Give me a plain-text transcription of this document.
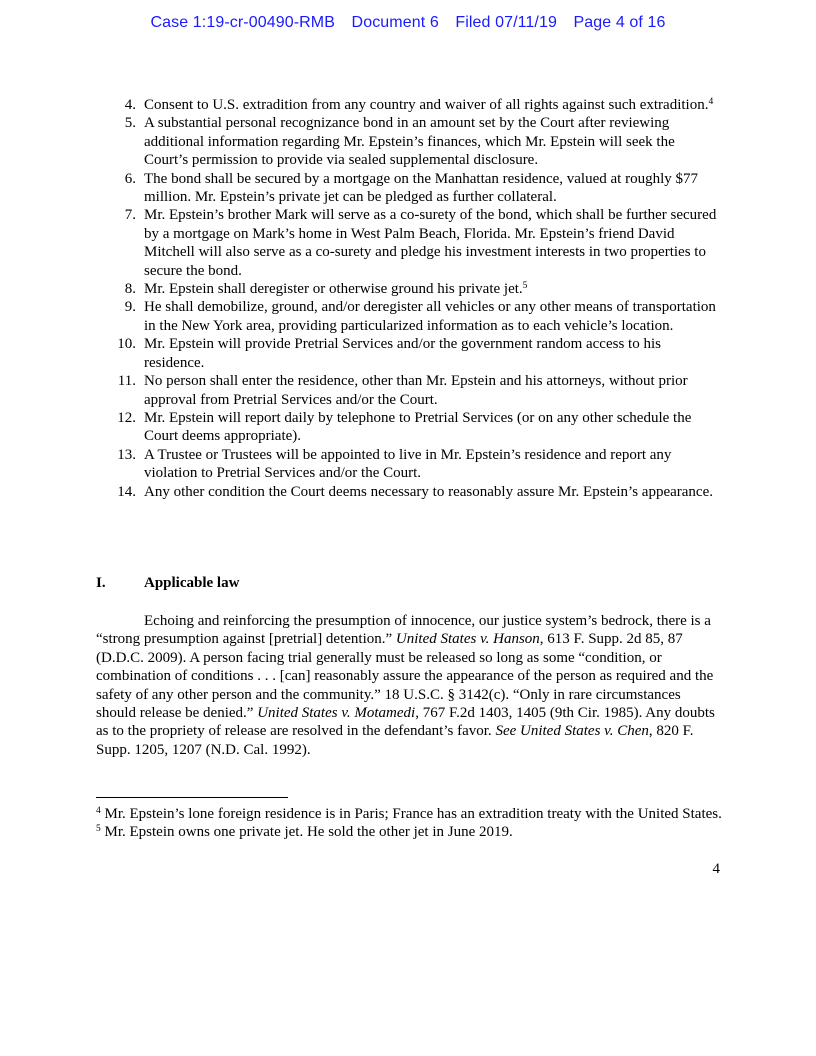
Case 1:19-cr-00490-RMB Document 6 Filed 07/11/19 Page 4 of 16
4. Consent to U.S. extradition from any country and waiver of all rights against such extradition.$^4$
5. A substantial personal recognizance bond in an amount set by the Court after reviewing additional information regarding Mr. Epstein’s finances, which Mr. Epstein will seek the Court’s permission to provide via sealed supplemental disclosure.
6. The bond shall be secured by a mortgage on the Manhattan residence, valued at roughly $77 million. Mr. Epstein’s private jet can be pledged as further collateral.
7. Mr. Epstein’s brother Mark will serve as a co-surety of the bond, which shall be further secured by a mortgage on Mark’s home in West Palm Beach, Florida. Mr. Epstein’s friend David Mitchell will also serve as a co-surety and pledge his investment interests in two properties to secure the bond.
8. Mr. Epstein shall deregister or otherwise ground his private jet.$^5$
9. He shall demobilize, ground, and/or deregister all vehicles or any other means of transportation in the New York area, providing particularized information as to each vehicle’s location.
10. Mr. Epstein will provide Pretrial Services and/or the government random access to his residence.
11. No person shall enter the residence, other than Mr. Epstein and his attorneys, without prior approval from Pretrial Services and/or the Court.
12. Mr. Epstein will report daily by telephone to Pretrial Services (or on any other schedule the Court deems appropriate).
13. A Trustee or Trustees will be appointed to live in Mr. Epstein’s residence and report any violation to Pretrial Services and/or the Court.
14. Any other condition the Court deems necessary to reasonably assure Mr. Epstein’s appearance.
I.	Applicable law
Echoing and reinforcing the presumption of innocence, our justice system’s bedrock, there is a “strong presumption against [pretrial] detention.” United States v. Hanson, 613 F. Supp. 2d 85, 87 (D.D.C. 2009). A person facing trial generally must be released so long as some “condition, or combination of conditions . . . [can] reasonably assure the appearance of the person as required and the safety of any other person and the community.” 18 U.S.C. § 3142(c). “Only in rare circumstances should release be denied.” United States v. Motamedi, 767 F.2d 1403, 1405 (9th Cir. 1985). Any doubts as to the propriety of release are resolved in the defendant’s favor. See United States v. Chen, 820 F. Supp. 1205, 1207 (N.D. Cal. 1992).
$^4$ Mr. Epstein’s lone foreign residence is in Paris; France has an extradition treaty with the United States.
$^5$ Mr. Epstein owns one private jet. He sold the other jet in June 2019.
4
